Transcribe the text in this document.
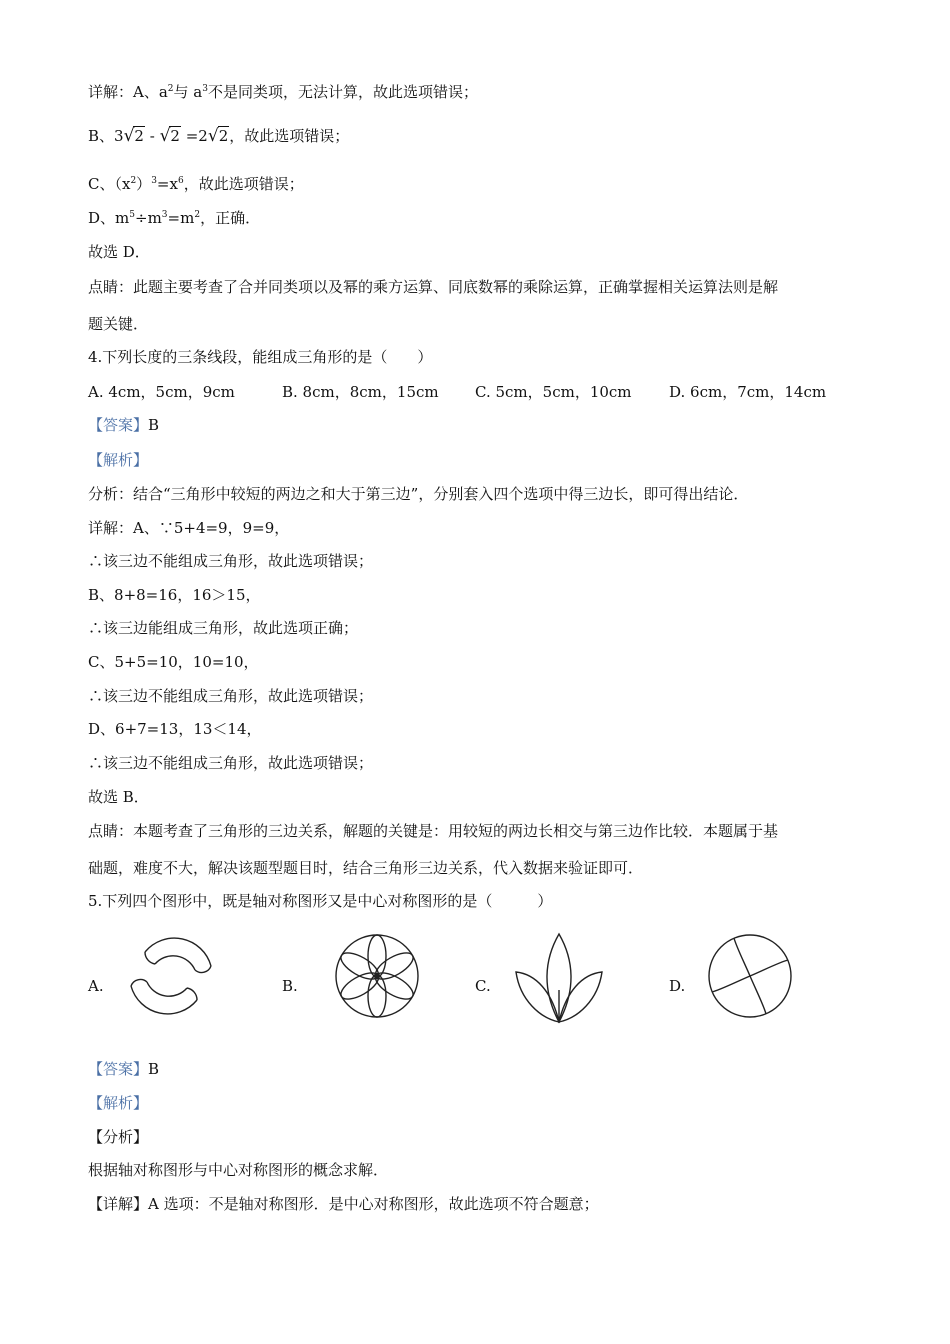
详解：A、$a^2$与 $a^3$不是同类项，无法计算，故此选项错误；
B、3√2 - √2 =2√2，故此选项错误；
C、$(x^2)^3=x^6$，故此选项错误；
D、$m^5\div m^3=m^2$，正确．
故选 D．
点睛：此题主要考查了合并同类项以及幂的乘方运算、同底数幂的乘除运算，正确掌握相关运算法则是解
题关键．
4.下列长度的三条线段，能组成三角形的是（　　）
A. 4cm，5cm，9cm	B. 8cm，8cm，15cm C. 5cm，5cm，10cm D. 6cm，7cm，14cm
【答案】B
【解析】
分析：结合“三角形中较短的两边之和大于第三边”，分别套入四个选项中得三边长，即可得出结论．
详解：A、∵5+4=9，9=9，
∴该三边不能组成三角形，故此选项错误；
B、8+8=16，16＞15，
∴该三边能组成三角形，故此选项正确；
C、5+5=10，10=10，
∴该三边不能组成三角形，故此选项错误；
D、6+7=13，13＜14，
∴该三边不能组成三角形，故此选项错误；
故选 B．
点睛：本题考查了三角形的三边关系，解题的关键是：用较短的两边长相交与第三边作比较．本题属于基
础题，难度不大，解决该题型题目时，结合三角形三边关系，代入数据来验证即可．
5.下列四个图形中，既是轴对称图形又是中心对称图形的是（　　　）
A.	B.	C.	D.
【答案】B
【解析】
【分析】
根据轴对称图形与中心对称图形的概念求解．
【详解】A 选项：不是轴对称图形．是中心对称图形，故此选项不符合题意；
